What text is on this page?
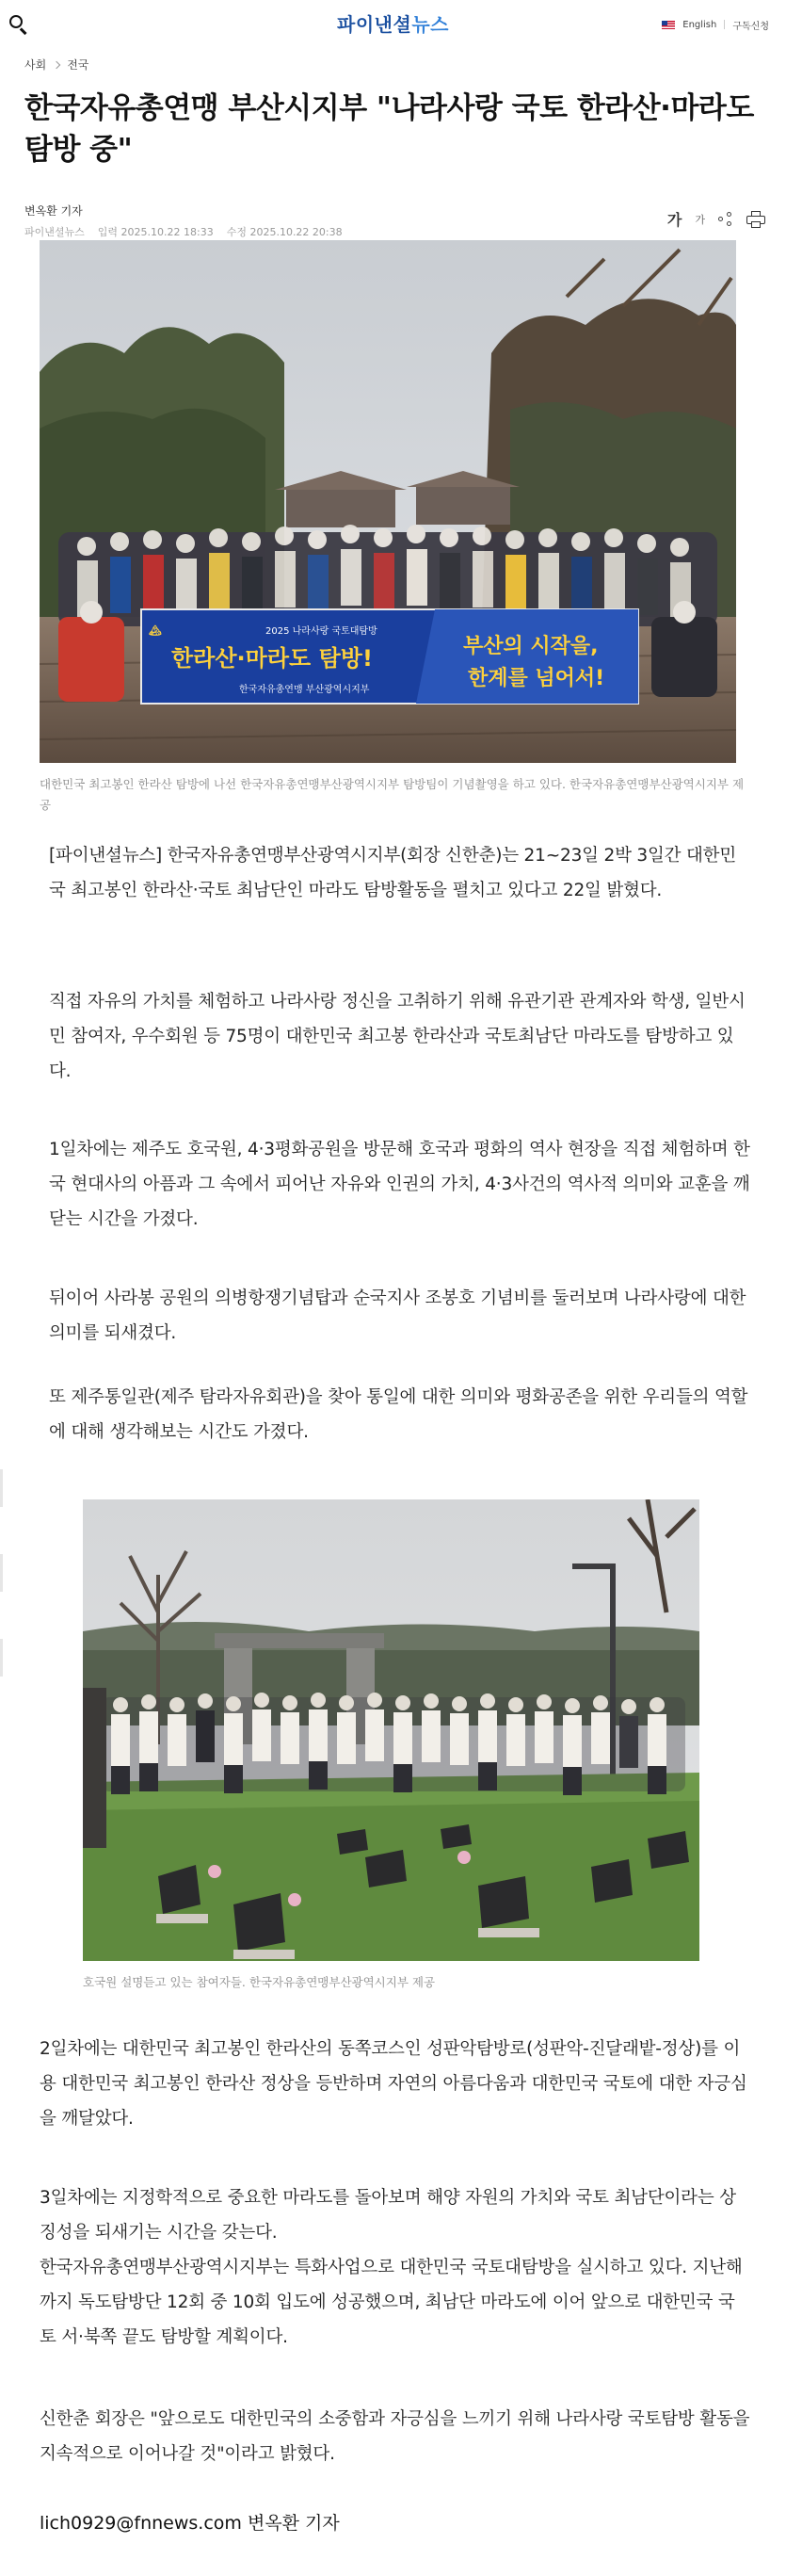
파이낸셜뉴스	English 구독신청
사회 전국
한국자유총연맹 부산시지부 "나라사랑 국토 한라산·마라도 탐방 중"
변옥환 기자
파이낸셜뉴스 입력 2025.10.22 18:33 수정 2025.10.22 20:38
가 가
🏔	2025 나라사랑 국토대탐방
한라산·마라도 탐방!
한국자유총연맹 부산광역시지부
부산의 시작을,
한계를 넘어서!

대한민국 최고봉인 한라산 탐방에 나선 한국자유총연맹부산광역시지부 탐방팀이 기념촬영을 하고 있다. 한국자유총연맹부산광역시지부 제공

[파이낸셜뉴스] 한국자유총연맹부산광역시지부(회장 신한춘)는 21~23일 2박 3일간 대한민국 최고봉인 한라산·국토 최남단인 마라도 탐방활동을 펼치고 있다고 22일 밝혔다.

직접 자유의 가치를 체험하고 나라사랑 정신을 고취하기 위해 유관기관 관계자와 학생, 일반시민 참여자, 우수회원 등 75명이 대한민국 최고봉 한라산과 국토최남단 마라도를 탐방하고 있다.

1일차에는 제주도 호국원, 4·3평화공원을 방문해 호국과 평화의 역사 현장을 직접 체험하며 한국 현대사의 아픔과 그 속에서 피어난 자유와 인권의 가치, 4·3사건의 역사적 의미와 교훈을 깨닫는 시간을 가졌다.

뒤이어 사라봉 공원의 의병항쟁기념탑과 순국지사 조봉호 기념비를 둘러보며 나라사랑에 대한 의미를 되새겼다.

또 제주통일관(제주 탐라자유회관)을 찾아 통일에 대한 의미와 평화공존을 위한 우리들의 역할에 대해 생각해보는 시간도 가졌다.

호국원 설명듣고 있는 참여자들. 한국자유총연맹부산광역시지부 제공

2일차에는 대한민국 최고봉인 한라산의 동쪽코스인 성판악탐방로(성판악-진달래밭-정상)를 이용 대한민국 최고봉인 한라산 정상을 등반하며 자연의 아름다움과 대한민국 국토에 대한 자긍심을 깨달았다.

3일차에는 지정학적으로 중요한 마라도를 돌아보며 해양 자원의 가치와 국토 최남단이라는 상징성을 되새기는 시간을 갖는다.

한국자유총연맹부산광역시지부는 특화사업으로 대한민국 국토대탐방을 실시하고 있다. 지난해까지 독도탐방단 12회 중 10회 입도에 성공했으며, 최남단 마라도에 이어 앞으로 대한민국 국토 서·북쪽 끝도 탐방할 계획이다.

신한춘 회장은 "앞으로도 대한민국의 소중함과 자긍심을 느끼기 위해 나라사랑 국토탐방 활동을 지속적으로 이어나갈 것"이라고 밝혔다.

lich0929@fnnews.com 변옥환 기자
